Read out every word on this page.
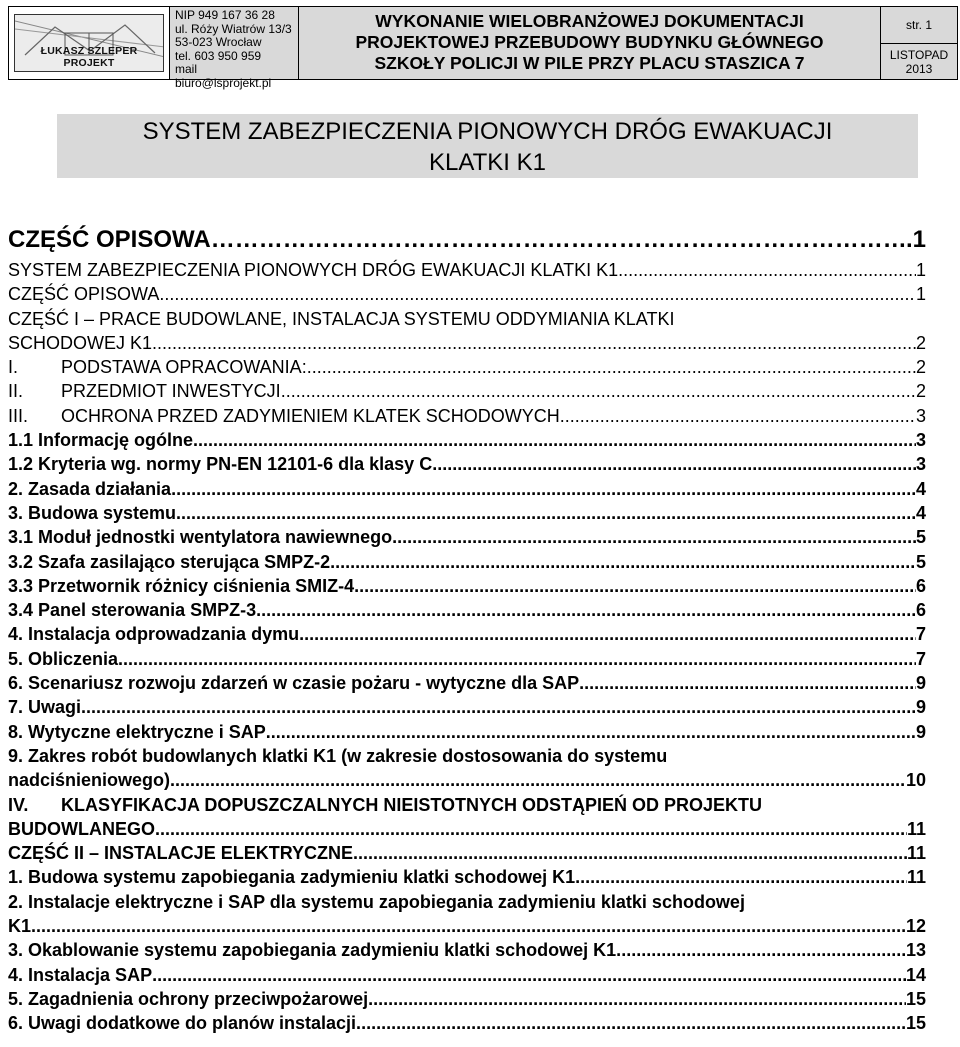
ŁUKASZ SZLEPER PROJEKT
NIP 949 167 36 28
ul. Róży Wiatrów 13/3
53-023 Wrocław
tel. 603 950 959
mail biuro@lsprojekt.pl
WYKONANIE WIELOBRANŻOWEJ DOKUMENTACJI
PROJEKTOWEJ PRZEBUDOWY BUDYNKU GŁÓWNEGO
SZKOŁY POLICJI W PILE PRZY PLACU STASZICA 7
str. 1
LISTOPAD
2013
SYSTEM ZABEZPIECZENIA PIONOWYCH DRÓG EWAKUACJI
KLATKI K1
CZĘŚĆ OPISOWA …………………………………………………………………………………………	.1
SYSTEM ZABEZPIECZENIA PIONOWYCH DRÓG EWAKUACJI KLATKI K1 .....	1
CZĘŚĆ OPISOWA .....	1
CZĘŚĆ I – PRACE BUDOWLANE, INSTALACJA SYSTEMU ODDYMIANIA KLATKI
SCHODOWEJ K1 .....	2
I.	PODSTAWA OPRACOWANIA: .....	2
II.	PRZEDMIOT INWESTYCJI .....	2
III.	OCHRONA PRZED ZADYMIENIEM KLATEK SCHODOWYCH. .....	3
1.1 Informację ogólne .....	3
1.2 Kryteria wg. normy PN-EN 12101-6 dla klasy C .....	3
2. Zasada działania .....	4
3. Budowa systemu .....	4
3.1 Moduł jednostki wentylatora nawiewnego .....	5
3.2 Szafa zasilająco sterująca SMPZ-2 .....	5
3.3 Przetwornik różnicy ciśnienia SMIZ-4 .....	6
3.4 Panel sterowania SMPZ-3 .....	6
4. Instalacja odprowadzania dymu .....	7
5. Obliczenia .....	7
6. Scenariusz rozwoju zdarzeń w czasie pożaru - wytyczne dla SAP .....	9
7. Uwagi. .....	9
8. Wytyczne elektryczne i SAP .....	9
9. Zakres robót budowlanych klatki K1 (w zakresie dostosowania do systemu
nadciśnieniowego) .....	10
IV. KLASYFIKACJA DOPUSZCZALNYCH NIEISTOTNYCH ODSTĄPIEŃ OD PROJEKTU
BUDOWLANEGO .....	11
CZĘŚĆ II – INSTALACJE ELEKTRYCZNE .....	11
1. Budowa systemu zapobiegania zadymieniu klatki schodowej K1. .....	11
2. Instalacje elektryczne i SAP dla systemu zapobiegania zadymieniu klatki schodowej
K1 .....	12
3. Okablowanie systemu zapobiegania zadymieniu klatki schodowej K1. .....	13
4. Instalacja SAP .....	14
5. Zagadnienia ochrony przeciwpożarowej. .....	15
6. Uwagi dodatkowe do planów instalacji. .....	15
